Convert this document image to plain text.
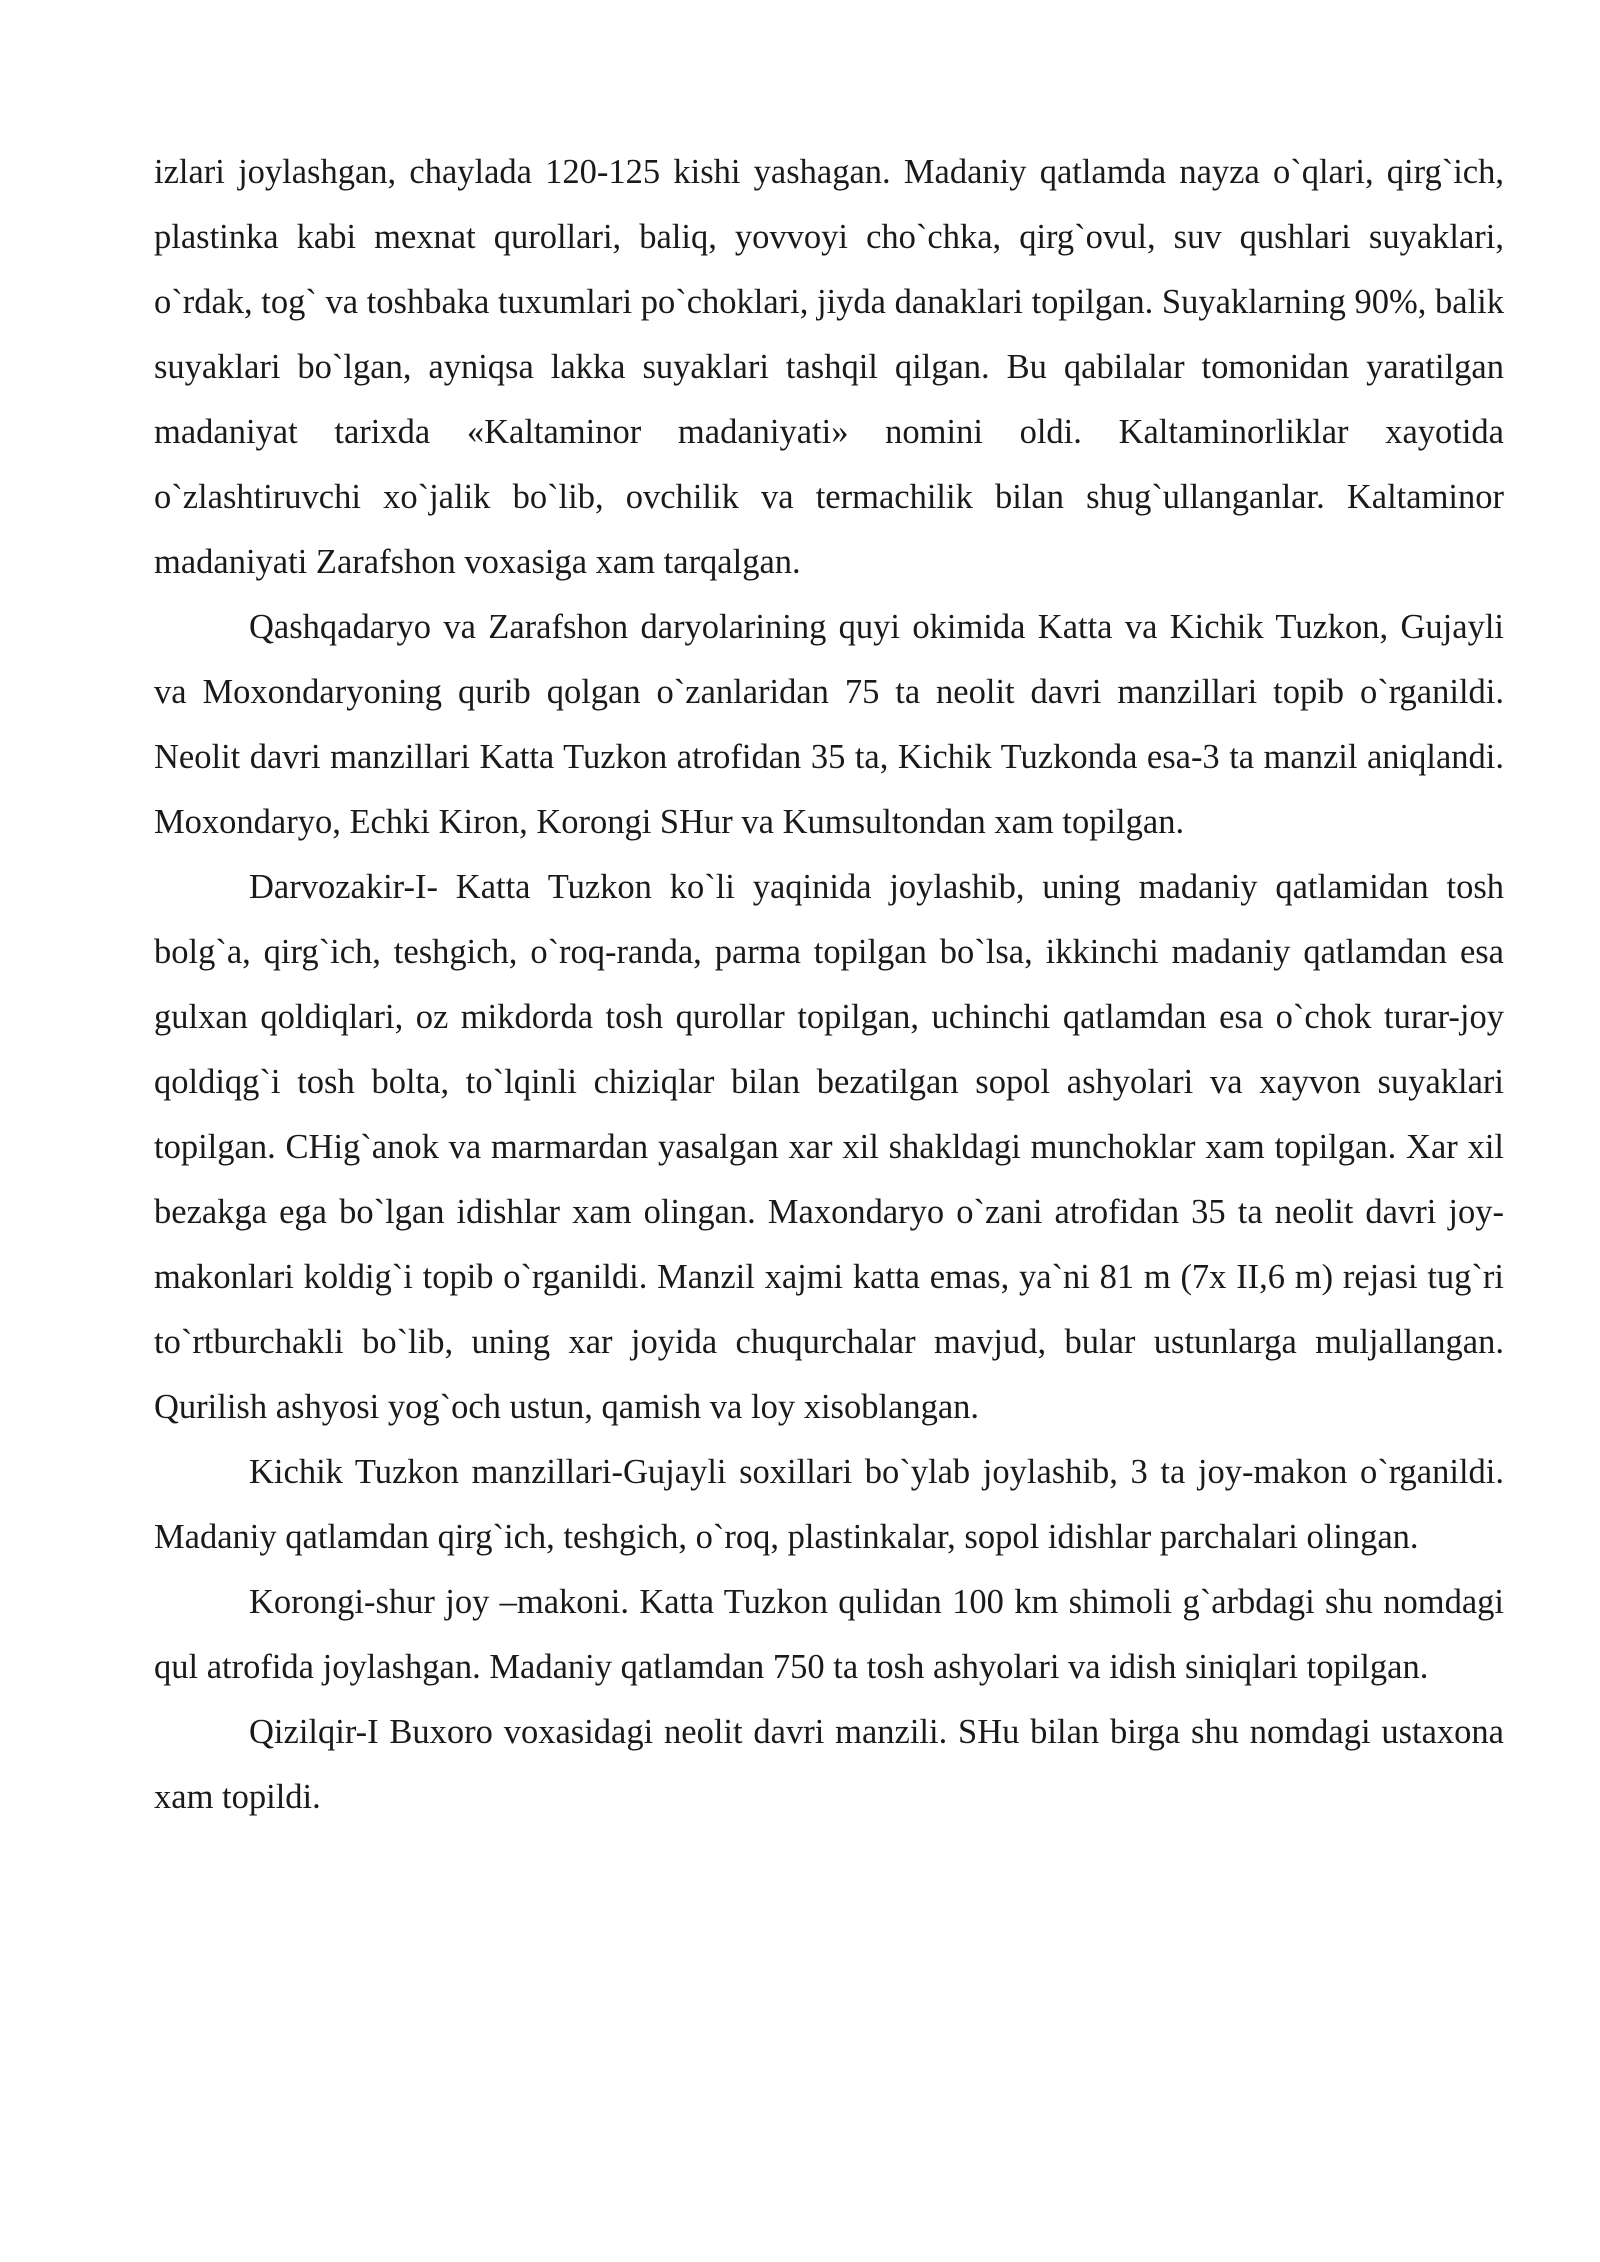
izlari joylashgan, chaylada 120-125 kishi yashagan. Madaniy qatlamda nayza o`qlari, qirg`ich, plastinka kabi mexnat qurollari, baliq, yovvoyi cho`chka, qirg`ovul, suv qushlari suyaklari, o`rdak, tog` va toshbaka tuxumlari po`choklari, jiyda danaklari topilgan. Suyaklarning 90%, balik suyaklari bo`lgan, ayniqsa lakka suyaklari tashqil qilgan. Bu qabilalar tomonidan yaratilgan madaniyat tarixda «Kaltaminor madaniyati» nomini oldi. Kaltaminorliklar xayotida o`zlashtiruvchi xo`jalik bo`lib, ovchilik va termachilik bilan shug`ullanganlar. Kaltaminor madaniyati Zarafshon voxasiga xam tarqalgan.

Qashqadaryo va Zarafshon daryolarining quyi okimida Katta va Kichik Tuzkon, Gujayli va Moxondaryoning qurib qolgan o`zanlaridan 75 ta neolit davri manzillari topib o`rganildi. Neolit davri manzillari Katta Tuzkon atrofidan 35 ta, Kichik Tuzkonda esa-3 ta manzil aniqlandi. Moxondaryo, Echki Kiron, Korongi SHur va Kumsultondan xam topilgan.

Darvozakir-I- Katta Tuzkon ko`li yaqinida joylashib, uning madaniy qatlamidan tosh bolg`a, qirg`ich, teshgich, o`roq-randa, parma topilgan bo`lsa, ikkinchi madaniy qatlamdan esa gulxan qoldiqlari, oz mikdorda tosh qurollar topilgan, uchinchi qatlamdan esa o`chok turar-joy qoldiqg`i tosh bolta, to`lqinli chiziqlar bilan bezatilgan sopol ashyolari va xayvon suyaklari topilgan. CHig`anok va marmardan yasalgan xar xil shakldagi munchoklar xam topilgan. Xar xil bezakga ega bo`lgan idishlar xam olingan. Maxondaryo o`zani atrofidan 35 ta neolit davri joy-makonlari koldig`i topib o`rganildi. Manzil xajmi katta emas, ya`ni 81 m (7x II,6 m) rejasi tug`ri to`rtburchakli bo`lib, uning xar joyida chuqurchalar mavjud, bular ustunlarga muljallangan. Qurilish ashyosi yog`och ustun, qamish va loy xisoblangan.

Kichik Tuzkon manzillari-Gujayli soxillari bo`ylab joylashib, 3 ta joy-makon o`rganildi. Madaniy qatlamdan qirg`ich, teshgich, o`roq, plastinkalar, sopol idishlar parchalari olingan.

Korongi-shur joy –makoni. Katta Tuzkon qulidan 100 km shimoli g`arbdagi shu nomdagi qul atrofida joylashgan. Madaniy qatlamdan 750 ta tosh ashyolari va idish siniqlari topilgan.

Qizilqir-I Buxoro voxasidagi neolit davri manzili. SHu bilan birga shu nomdagi ustaxona xam topildi.
